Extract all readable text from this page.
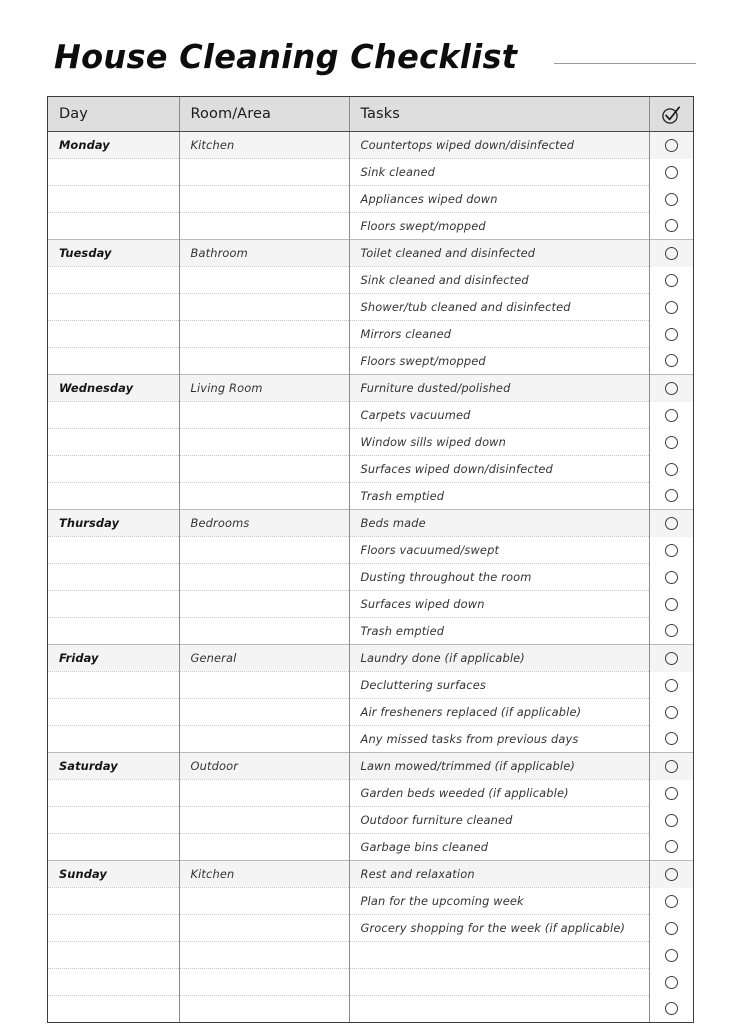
House Cleaning Checklist
Day	Room/Area	Tasks	
Monday	Kitchen	Countertops wiped down/disinfected	
		Sink cleaned	
		Appliances wiped down	
		Floors swept/mopped	
Tuesday	Bathroom	Toilet cleaned and disinfected	
		Sink cleaned and disinfected	
		Shower/tub cleaned and disinfected	
		Mirrors cleaned	
		Floors swept/mopped	
Wednesday	Living Room	Furniture dusted/polished	
		Carpets vacuumed	
		Window sills wiped down	
		Surfaces wiped down/disinfected	
		Trash emptied	
Thursday	Bedrooms	Beds made	
		Floors vacuumed/swept	
		Dusting throughout the room	
		Surfaces wiped down	
		Trash emptied	
Friday	General	Laundry done (if applicable)	
		Decluttering surfaces	
		Air fresheners replaced (if applicable)	
		Any missed tasks from previous days	
Saturday	Outdoor	Lawn mowed/trimmed (if applicable)	
		Garden beds weeded (if applicable)	
		Outdoor furniture cleaned	
		Garbage bins cleaned	
Sunday	Kitchen	Rest and relaxation	
		Plan for the upcoming week	
		Grocery shopping for the week (if applicable)	
